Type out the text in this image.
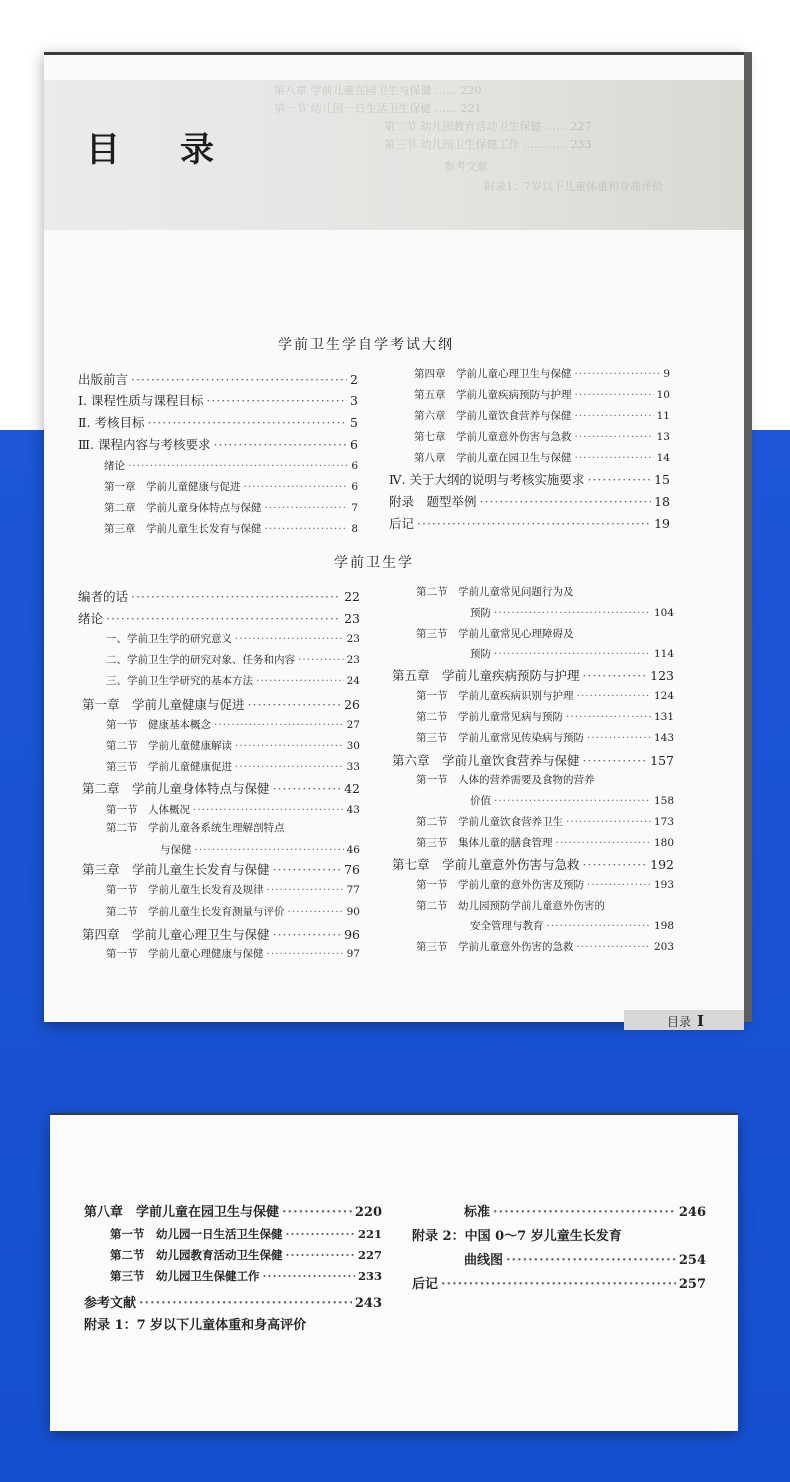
第八章 学前儿童在园卫生与保健 …… 220
第一节 幼儿园一日生活卫生保健 …… 221
第二节 幼儿园教育活动卫生保健 …… 227
第三节 幼儿园卫生保健工作 ………… 233
参考文献
附录1：7岁以下儿童体重和身高评价
目录
学前卫生学自学考试大纲
出版前言 ·····	2
Ⅰ. 课程性质与课程目标 ·····	3
Ⅱ. 考核目标 ·····	5
Ⅲ. 课程内容与考核要求 ·····	6
绪论 ·····	6
第一章　学前儿童健康与促进 ·····	6
第二章　学前儿童身体特点与保健 ·····	7
第三章　学前儿童生长发育与保健 ·····	8
第四章　学前儿童心理卫生与保健 ·····	9
第五章　学前儿童疾病预防与护理 ·····	10
第六章　学前儿童饮食营养与保健 ·····	11
第七章　学前儿童意外伤害与急救 ·····	13
第八章　学前儿童在园卫生与保健 ·····	14
Ⅳ. 关于大纲的说明与考核实施要求 ·····	15
附录　题型举例 ·····	18
后记 ·····	19
学前卫生学
编者的话 ·····	22
绪论 ·····	23
一、学前卫生学的研究意义 ·····	23
二、学前卫生学的研究对象、任务和内容 ·····	23
三、学前卫生学研究的基本方法 ·····	24
第一章　学前儿童健康与促进 ·····	26
第一节　健康基本概念 ·····	27
第二节　学前儿童健康解读 ·····	30
第三节　学前儿童健康促进 ·····	33
第二章　学前儿童身体特点与保健 ·····	42
第一节　人体概况 ·····	43
第二节　学前儿童各系统生理解剖特点
与保健 ·····	46
第三章　学前儿童生长发育与保健 ·····	76
第一节　学前儿童生长发育及规律 ·····	77
第二节　学前儿童生长发育测量与评价 ·····	90
第四章　学前儿童心理卫生与保健 ·····	96
第一节　学前儿童心理健康与保健 ·····	97
第二节　学前儿童常见问题行为及
预防 ·····	104
第三节　学前儿童常见心理障碍及
预防 ·····	114
第五章　学前儿童疾病预防与护理 ·····	123
第一节　学前儿童疾病识别与护理 ·····	124
第二节　学前儿童常见病与预防 ·····	131
第三节　学前儿童常见传染病与预防 ·····	143
第六章　学前儿童饮食营养与保健 ·····	157
第一节　人体的营养需要及食物的营养
价值 ·····	158
第二节　学前儿童饮食营养卫生 ·····	173
第三节　集体儿童的膳食管理 ·····	180
第七章　学前儿童意外伤害与急救 ·····	192
第一节　学前儿童的意外伤害及预防 ·····	193
第二节　幼儿园预防学前儿童意外伤害的
安全管理与教育 ·····	198
第三节　学前儿童意外伤害的急救 ·····	203
目录 I
第八章　学前儿童在园卫生与保健 ·····	220
第一节　幼儿园一日生活卫生保健 ·····	221
第二节　幼儿园教育活动卫生保健 ·····	227
第三节　幼儿园卫生保健工作 ·····	233
参考文献 ·····	243
附录 1：7 岁以下儿童体重和身高评价
标准 ·····	246
附录 2：中国 0～7 岁儿童生长发育
曲线图 ·····	254
后记 ·····	257
